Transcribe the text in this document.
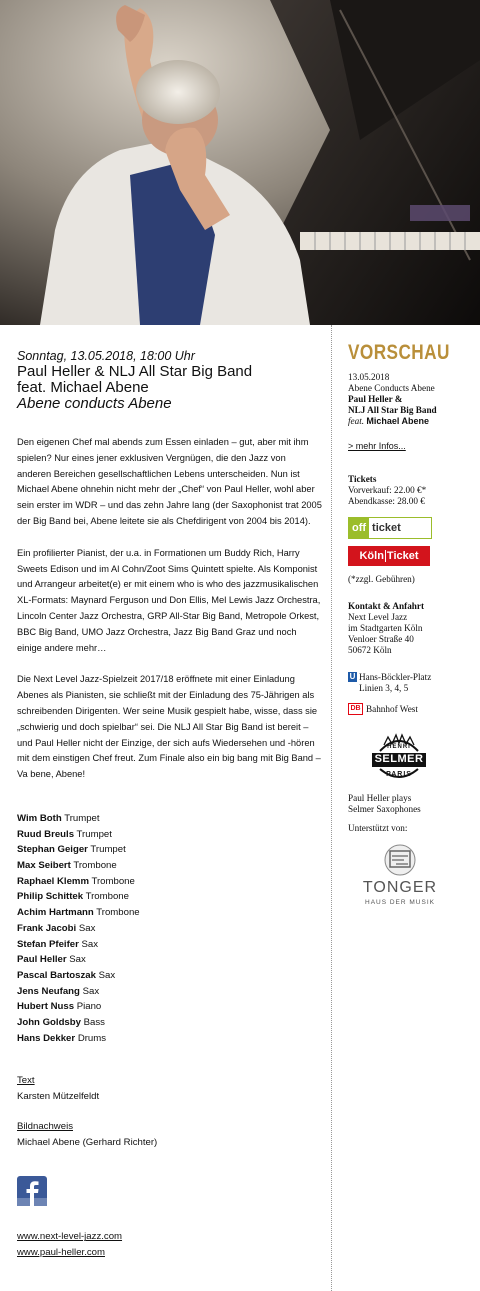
Sonntag, 13.05.2018, 18:00 Uhr
Paul Heller & NLJ All Star Big Band
feat. Michael Abene
Abene conducts Abene

Den eigenen Chef mal abends zum Essen einladen – gut, aber mit ihm spielen? Nur eines jener exklusiven Vergnügen, die den Jazz von anderen Bereichen gesellschaftlichen Lebens unterscheiden. Nun ist Michael Abene ohnehin nicht mehr der „Chef“ von Paul Heller, wohl aber sein erster im WDR – und das zehn Jahre lang (der Saxophonist trat 2005 der Big Band bei, Abene leitete sie als Chefdirigent von 2004 bis 2014).

Ein profilierter Pianist, der u.a. in Formationen um Buddy Rich, Harry Sweets Edison und im Al Cohn/Zoot Sims Quintett spielte. Als Komponist und Arrangeur arbeitet(e) er mit einem who is who des jazzmusikalischen XL-Formats: Maynard Ferguson und Don Ellis, Mel Lewis Jazz Orchestra, Lincoln Center Jazz Orchestra, GRP All-Star Big Band, Metropole Orkest, BBC Big Band, UMO Jazz Orchestra, Jazz Big Band Graz und noch einige andere mehr…

Die Next Level Jazz-Spielzeit 2017/18 eröffnete mit einer Einladung Abenes als Pianisten, sie schließt mit der Einladung des 75-Jährigen als schreibenden Dirigenten. Wer seine Musik gespielt habe, wisse, dass sie „schwierig und doch spielbar“ sei. Die NLJ All Star Big Band ist bereit – und Paul Heller nicht der Einzige, der sich aufs Wiedersehen und -hören mit dem einstigen Chef freut. Zum Finale also ein big bang mit Big Band – Va bene, Abene!

Wim Both Trumpet
Ruud Breuls Trumpet
Stephan Geiger Trumpet
Max Seibert Trombone
Raphael Klemm Trombone
Philip Schittek Trombone
Achim Hartmann Trombone
Frank Jacobi Sax
Stefan Pfeifer Sax
Paul Heller Sax
Pascal Bartoszak Sax
Jens Neufang Sax
Hubert Nuss Piano
John Goldsby Bass
Hans Dekker Drums
Text
Karsten Mützelfeldt
Bildnachweis
Michael Abene (Gerhard Richter)
www.next-level-jazz.com
www.paul-heller.com
VORSCHAU
13.05.2018
Abene Conducts Abene
Paul Heller &
NLJ All Star Big Band
feat. Michael Abene
> mehr Infos...
Tickets
Vorverkauf: 22.00 €*
Abendkasse: 28.00 €
off ticket
Köln Ticket
(*zzgl. Gebühren)
Kontakt & Anfahrt
Next Level Jazz
im Stadtgarten Köln
Venloer Straße 40
50672 Köln
U Hans-Böckler-Platz
Linien 3, 4, 5
DB Bahnhof West
HENRI
SELMER
PARIS
Paul Heller plays
Selmer Saxophones
Unterstützt von:
TONGER
HAUS DER MUSIK
